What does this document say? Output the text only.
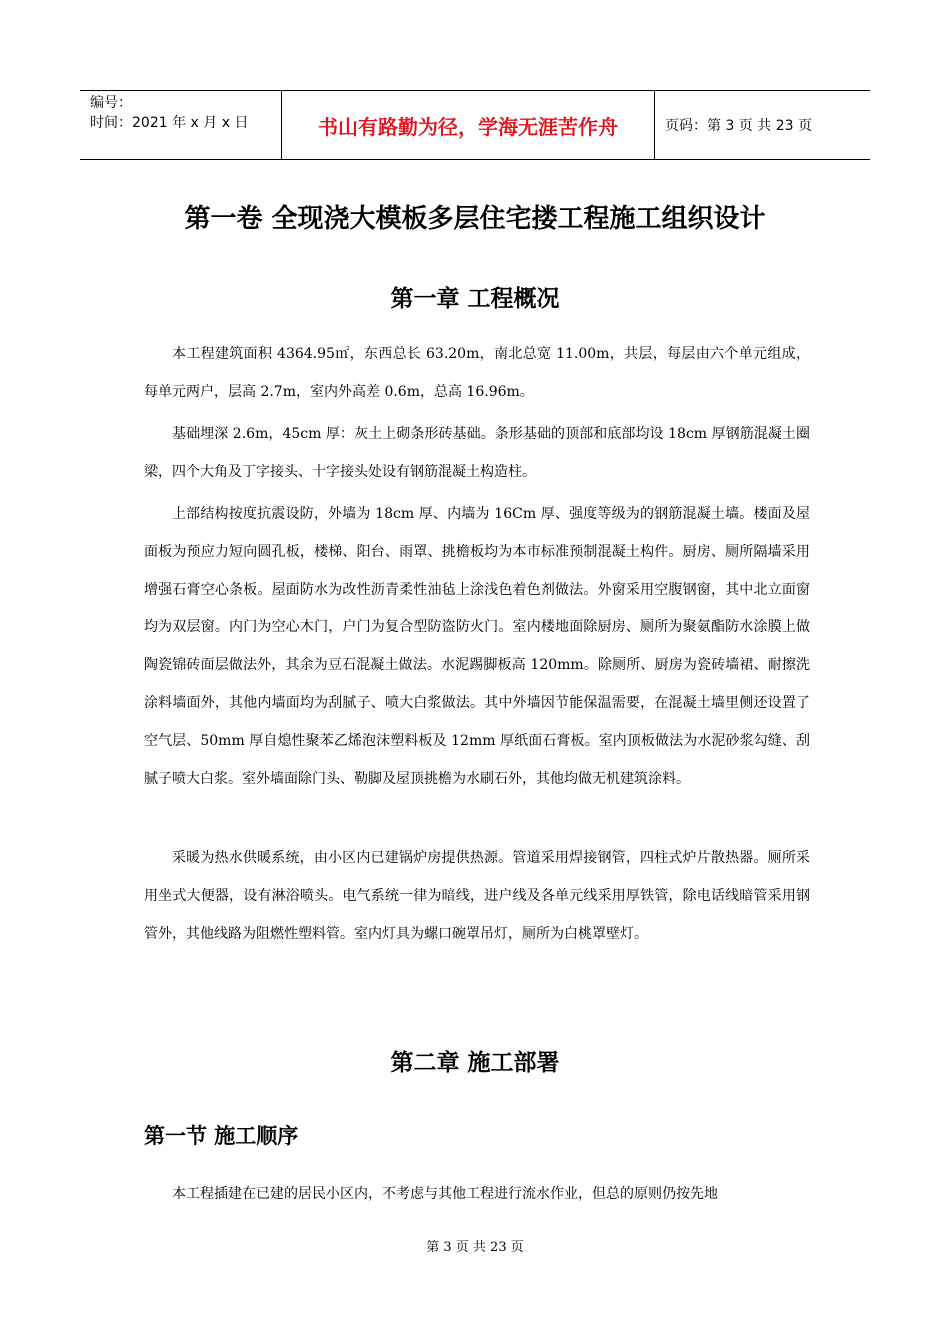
编号：
时间：2021 年 x 月 x 日	书山有路勤为径，学海无涯苦作舟	页码：第 3 页 共 23 页
第一卷 全现浇大模板多层住宅搂工程施工组织设计
第一章 工程概况

本工程建筑面积 4364.95㎡，东西总长 63.20m，南北总宽 11.00m，共层，每层由六个单元组成，每单元两户，层高 2.7m，室内外高差 0.6m，总高 16.96m。

基础埋深 2.6m，45cm 厚：灰土上砌条形砖基础。条形基础的顶部和底部均设 18cm 厚钢筋混凝土圈梁，四个大角及丁字接头、十字接头处设有钢筋混凝土构造柱。

上部结构按度抗震设防，外墙为 18cm 厚、内墙为 16Cm 厚、强度等级为的钢筋混凝土墙。楼面及屋面板为预应力短向圆孔板，楼梯、阳台、雨罩、挑檐板均为本市标准预制混凝土构件。厨房、厕所隔墙采用增强石膏空心条板。屋面防水为改性沥青柔性油毡上涂浅色着色剂做法。外窗采用空腹钢窗，其中北立面窗均为双层窗。内门为空心木门，户门为复合型防盗防火门。室内楼地面除厨房、厕所为聚氨酯防水涂膜上做陶瓷锦砖面层做法外，其余为豆石混凝土做法。水泥踢脚板高 120mm。除厕所、厨房为瓷砖墙裙、耐擦洗涂料墙面外，其他内墙面均为刮腻子、喷大白浆做法。其中外墙因节能保温需要，在混凝土墙里侧还设置了空气层、50mm 厚自熄性聚苯乙烯泡沫塑料板及 12mm 厚纸面石膏板。室内顶板做法为水泥砂浆勾缝、刮腻子喷大白浆。室外墙面除门头、勒脚及屋顶挑檐为水刷石外，其他均做无机建筑涂料。

采暖为热水供暖系统，由小区内已建锅炉房提供热源。管道采用焊接钢管，四柱式炉片散热器。厕所采用坐式大便器，设有淋浴喷头。电气系统一律为暗线，进户线及各单元线采用厚铁管，除电话线暗管采用钢管外，其他线路为阻燃性塑料管。室内灯具为螺口碗罩吊灯，厕所为白桃罩壁灯。

第二章 施工部署
第一节 施工顺序

本工程插建在已建的居民小区内，不考虑与其他工程进行流水作业，但总的原则仍按先地

第 3 页 共 23 页
